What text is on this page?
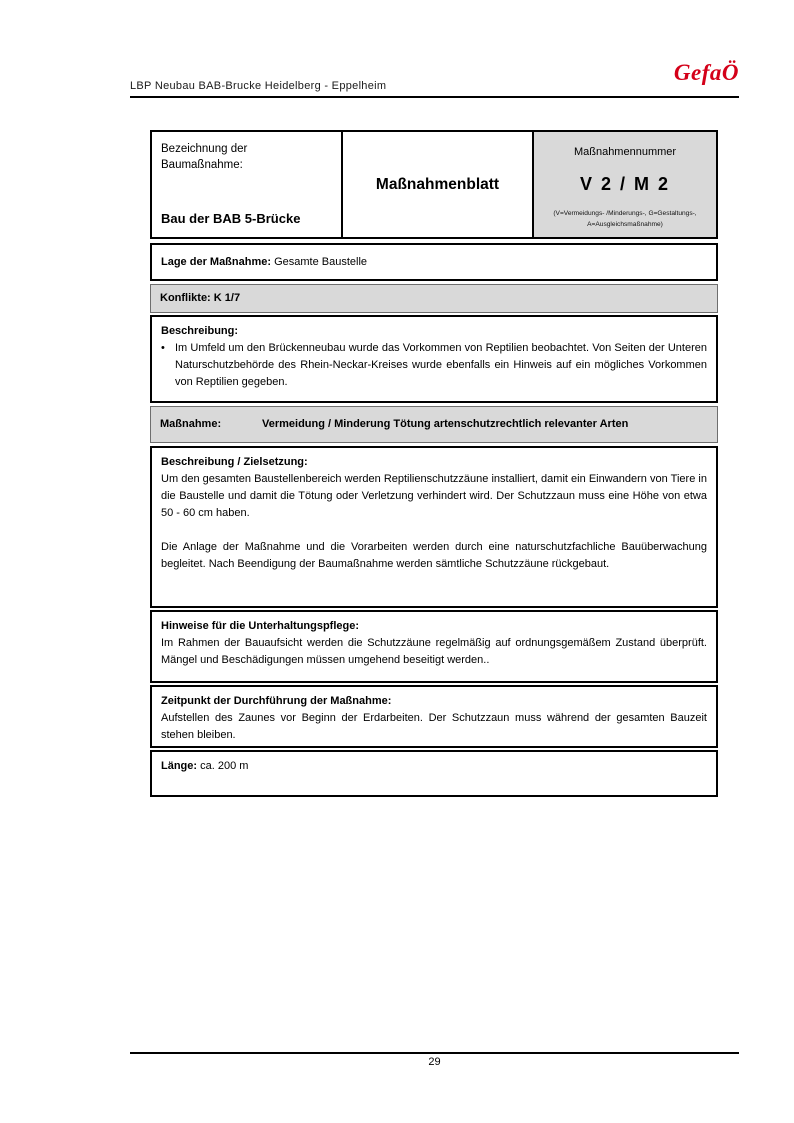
LBP Neubau BAB-Brucke Heidelberg - Eppelheim
GefaÖ
Bezeichnung der Baumaßnahme:
Bau der BAB 5-Brücke
Maßnahmenblatt
Maßnahmennummer
V 2 / M 2
(V=Vermeidungs- /Minderungs-, G=Gestaltungs-,
A=Ausgleichsmaßnahme)
Lage der Maßnahme: Gesamte Baustelle
Konflikte: K 1/7
Beschreibung:
• Im Umfeld um den Brückenneubau wurde das Vorkommen von Reptilien beobachtet. Von Seiten der Unteren Naturschutzbehörde des Rhein-Neckar-Kreises wurde ebenfalls ein Hinweis auf ein mögliches Vorkommen von Reptilien gegeben.
Maßnahme:	Vermeidung / Minderung Tötung artenschutzrechtlich relevanter Arten
Beschreibung / Zielsetzung:

Um den gesamten Baustellenbereich werden Reptilienschutzzäune installiert, damit ein Einwandern von Tiere in die Baustelle und damit die Tötung oder Verletzung verhindert wird. Der Schutzzaun muss eine Höhe von etwa 50 - 60 cm haben.

Die Anlage der Maßnahme und die Vorarbeiten werden durch eine naturschutzfachliche Bauüberwachung begleitet. Nach Beendigung der Baumaßnahme werden sämtliche Schutzzäune rückgebaut.

Hinweise für die Unterhaltungspflege:

Im Rahmen der Bauaufsicht werden die Schutzzäune regelmäßig auf ordnungsgemäßem Zustand überprüft. Mängel und Beschädigungen müssen umgehend beseitigt werden..

Zeitpunkt der Durchführung der Maßnahme:

Aufstellen des Zaunes vor Beginn der Erdarbeiten. Der Schutzzaun muss während der gesamten Bauzeit stehen bleiben.

Länge: ca. 200 m
29
